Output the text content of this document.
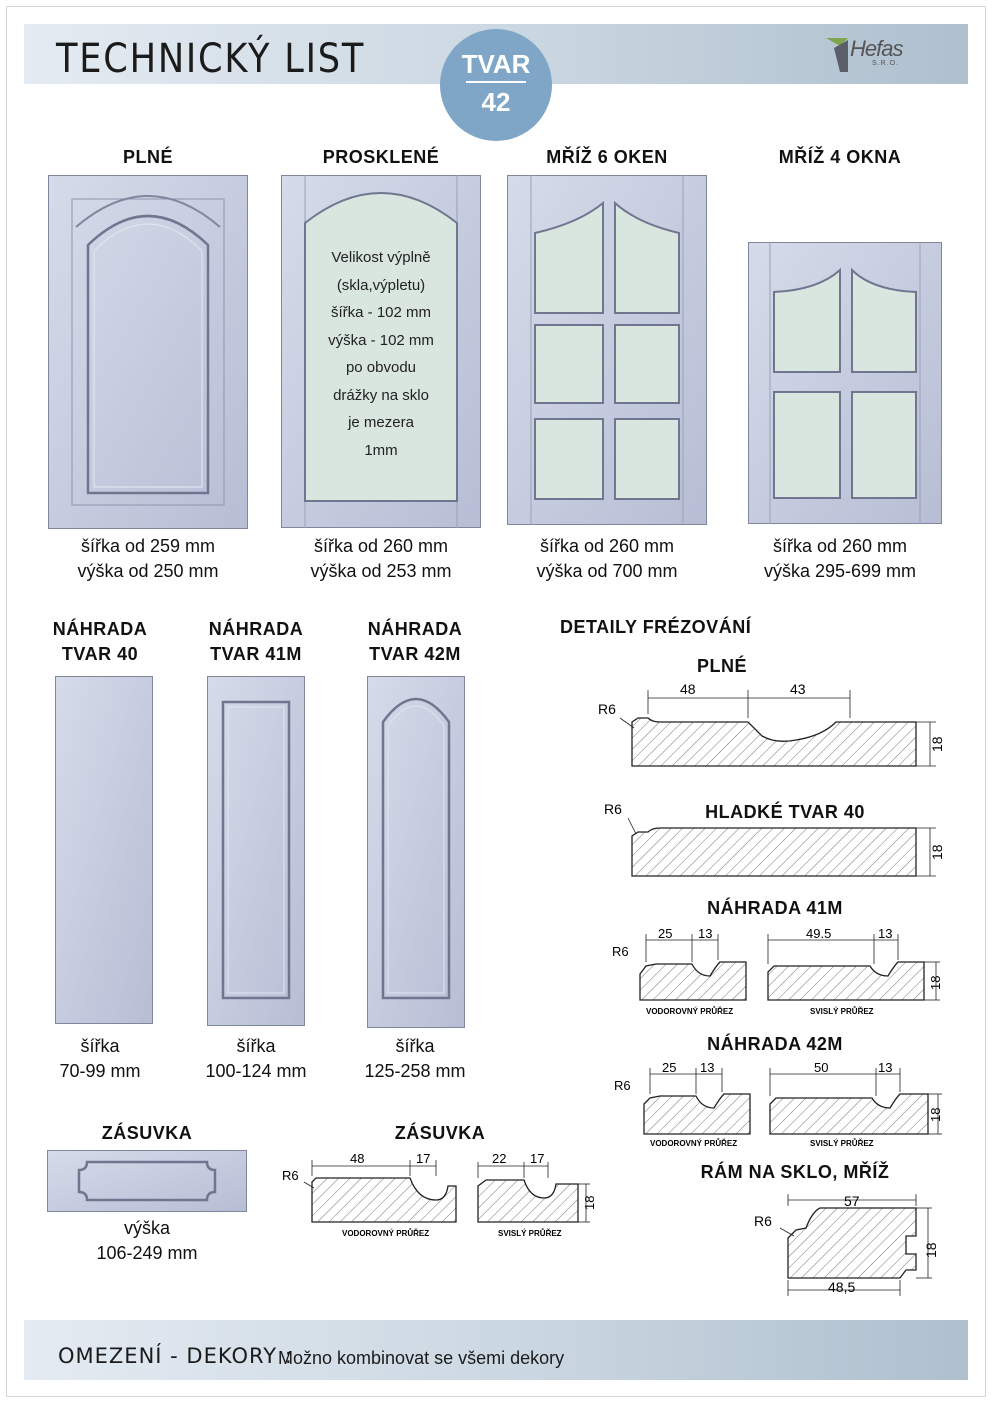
TECHNICKÝ LIST	TVAR
42
Hefas
S.R.O.
PLNÉ	PROSKLENÉ	MŘÍŽ 6 OKEN	MŘÍŽ 4 OKNA
Velikost výplně
(skla,výpletu)
šířka - 102 mm
výška - 102 mm
po obvodu
drážky na sklo
je mezera
1mm
šířka od 259 mm
výška od 250 mm
šířka od 260 mm
výška od 253 mm
šířka od 260 mm
výška od 700 mm
šířka od 260 mm
výška 295-699 mm
NÁHRADA
TVAR 40
NÁHRADA
TVAR 41M
NÁHRADA
TVAR 42M
šířka
70-99 mm
šířka
100-124 mm
šířka
125-258 mm
ZÁSUVKA
výška
106-249 mm
ZÁSUVKA
R6
48	17	22 17
18
VODOROVNÝ PRŮŘEZ	SVISLÝ PRŮŘEZ
DETAILY FRÉZOVÁNÍ
PLNÉ
R6
48	43
18
HLADKÉ TVAR 40
R6
18
NÁHRADA 41M
R6
25 13	49.5	13
18
VODOROVNÝ PRŮŘEZ	SVISLÝ PRŮŘEZ
NÁHRADA 42M
R6
25 13	50	13
18
VODOROVNÝ PRŮŘEZ	SVISLÝ PRŮŘEZ
RÁM NA SKLO, MŘÍŽ
R6
57
48,5
18
OMEZENÍ - DEKORY :
Možno kombinovat se všemi dekory
